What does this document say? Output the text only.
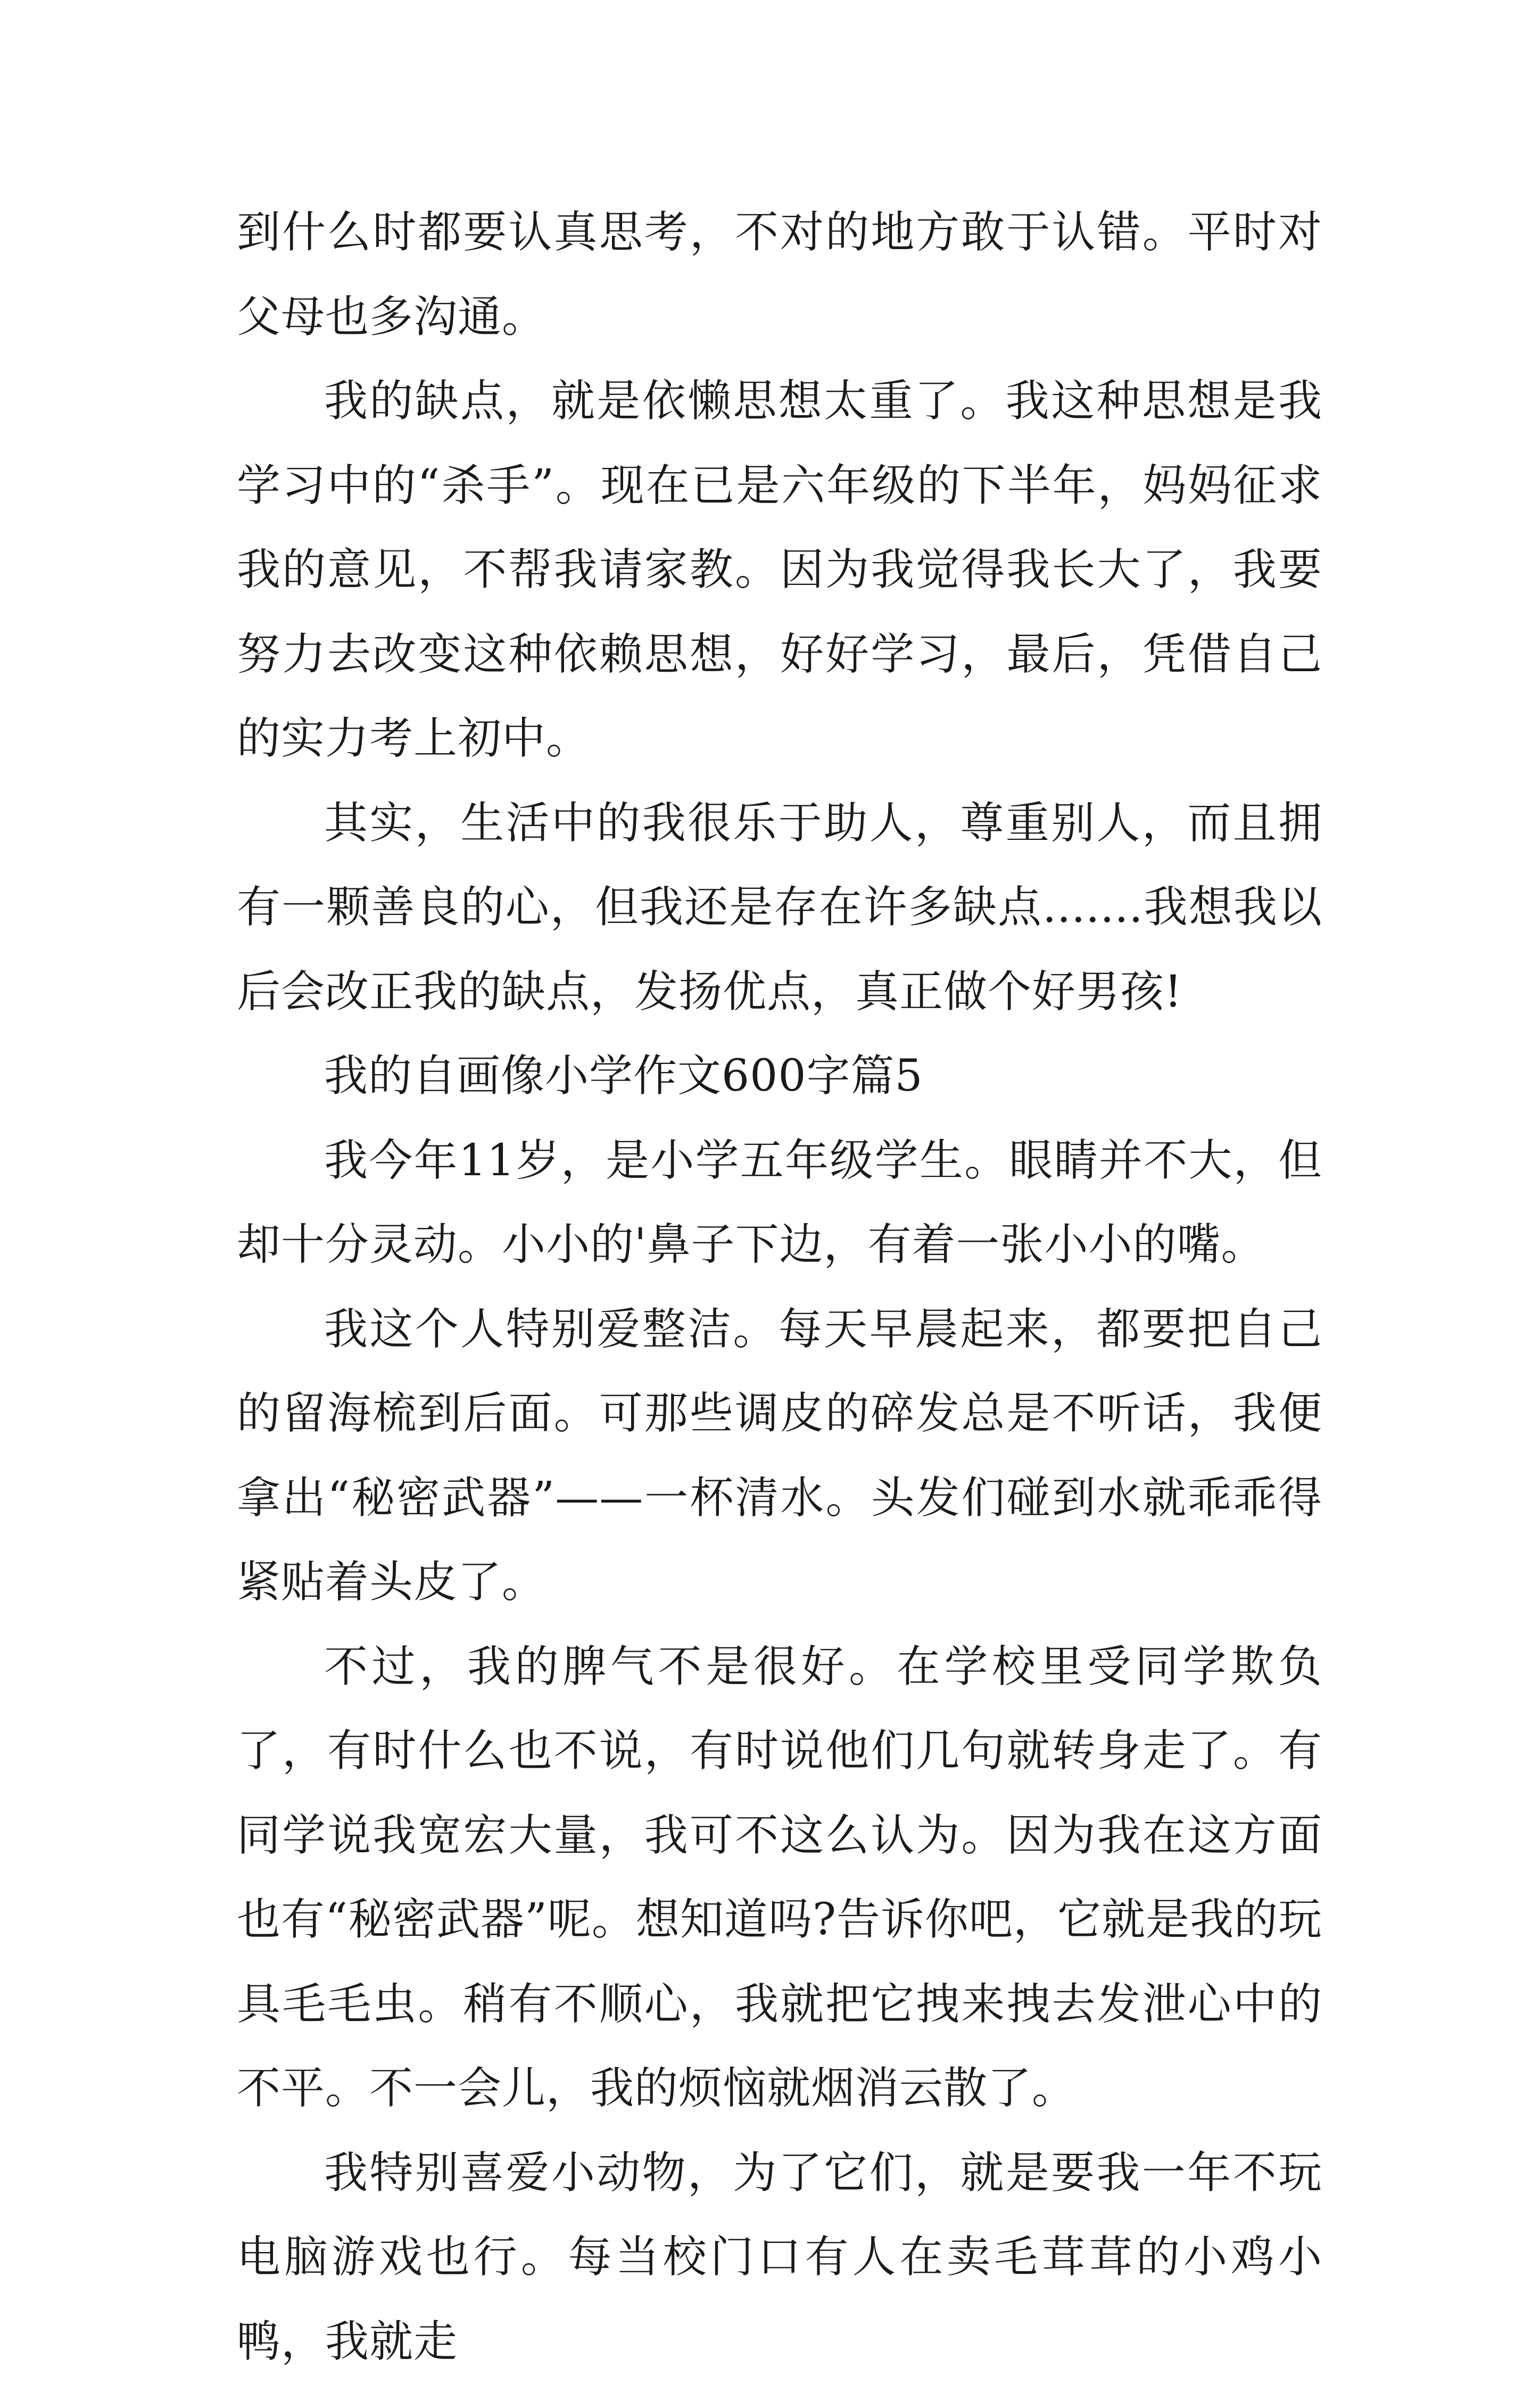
到什么时都要认真思考，不对的地方敢于认错。平时对父母也多沟通。

我的缺点，就是依懒思想太重了。我这种思想是我学习中的“杀手”。现在已是六年级的下半年，妈妈征求我的意见，不帮我请家教。因为我觉得我长大了，我要努力去改变这种依赖思想，好好学习，最后，凭借自己的实力考上初中。

其实，生活中的我很乐于助人，尊重别人，而且拥有一颗善良的心，但我还是存在许多缺点.......我想我以后会改正我的缺点，发扬优点，真正做个好男孩!

我的自画像小学作文600字篇5

我今年11岁，是小学五年级学生。眼睛并不大，但却十分灵动。小小的'鼻子下边，有着一张小小的嘴。

我这个人特别爱整洁。每天早晨起来，都要把自己的留海梳到后面。可那些调皮的碎发总是不听话，我便拿出“秘密武器”——一杯清水。头发们碰到水就乖乖得紧贴着头皮了。

不过，我的脾气不是很好。在学校里受同学欺负了，有时什么也不说，有时说他们几句就转身走了。有同学说我宽宏大量，我可不这么认为。因为我在这方面也有“秘密武器”呢。想知道吗?告诉你吧，它就是我的玩具毛毛虫。稍有不顺心，我就把它拽来拽去发泄心中的不平。不一会儿，我的烦恼就烟消云散了。

我特别喜爱小动物，为了它们，就是要我一年不玩电脑游戏也行。每当校门口有人在卖毛茸茸的小鸡小鸭，我就走
